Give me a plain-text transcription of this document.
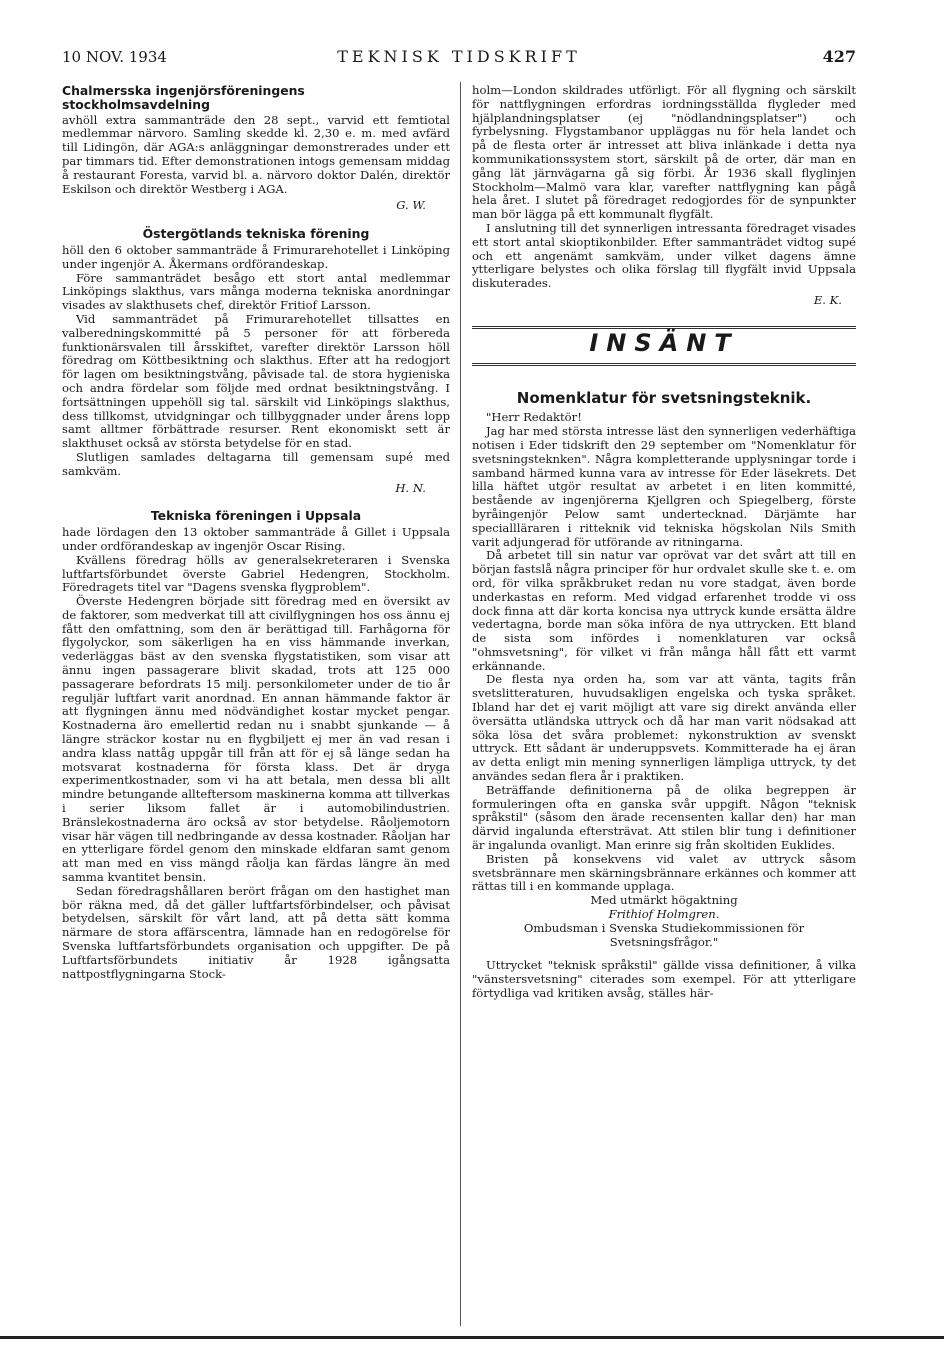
10 NOV. 1934	TEKNISK TIDSKRIFT	427

Chalmersska ingenjörsföreningens stockholmsavdelning

avhöll extra sammanträde den 28 sept., varvid ett femtiotal medlemmar närvoro. Samling skedde kl. 2,30 e. m. med avfärd till Lidingön, där AGA:s anläggningar demonstrerades under ett par timmars tid. Efter demonstrationen intogs gemensam middag å restaurant Foresta, varvid bl. a. närvoro doktor Dalén, direktör Eskilson och direktör Westberg i AGA.

G. W.

Östergötlands tekniska förening

höll den 6 oktober sammanträde å Frimurarehotellet i Linköping under ingenjör A. Åkermans ordförandeskap.

Före sammanträdet besågo ett stort antal medlemmar Linköpings slakthus, vars många moderna tekniska anordningar visades av slakthusets chef, direktör Fritiof Larsson.

Vid sammanträdet på Frimurarehotellet tillsattes en valberedningskommitté på 5 personer för att förbereda funktionärsvalen till årsskiftet, varefter direktör Larsson höll föredrag om Köttbesiktning och slakthus. Efter att ha redogjort för lagen om besiktningstvång, påvisade tal. de stora hygieniska och andra fördelar som följde med ordnat besiktningstvång. I fortsättningen uppehöll sig tal. särskilt vid Linköpings slakthus, dess tillkomst, utvidgningar och tillbyggnader under årens lopp samt alltmer förbättrade resurser. Rent ekonomiskt sett är slakthuset också av största betydelse för en stad.

Slutligen samlades deltagarna till gemensam supé med samkväm.

H. N.

Tekniska föreningen i Uppsala

hade lördagen den 13 oktober sammanträde å Gillet i Uppsala under ordförandeskap av ingenjör Oscar Rising.

Kvällens föredrag hölls av generalsekreteraren i Svenska luftfartsförbundet överste Gabriel Hedengren, Stockholm. Föredragets titel var "Dagens svenska flygproblem".

Överste Hedengren började sitt föredrag med en översikt av de faktorer, som medverkat till att civilflygningen hos oss ännu ej fått den omfattning, som den är berättigad till. Farhågorna för flygolyckor, som säkerligen ha en viss hämmande inverkan, vederläggas bäst av den svenska flygstatistiken, som visar att ännu ingen passagerare blivit skadad, trots att 125 000 passagerare befordrats 15 milj. personkilometer under de tio år reguljär luftfart varit anordnad. En annan hämmande faktor är att flygningen ännu med nödvändighet kostar mycket pengar. Kostnaderna äro emellertid redan nu i snabbt sjunkande — å längre sträckor kostar nu en flygbiljett ej mer än vad resan i andra klass nattåg uppgår till från att för ej så länge sedan ha motsvarat kostnaderna för första klass. Det är dryga experimentkostnader, som vi ha att betala, men dessa bli allt mindre betungande allteftersom maskinerna komma att tillverkas i serier liksom fallet är i automobilindustrien. Bränslekostnaderna äro också av stor betydelse. Råoljemotorn visar här vägen till nedbringande av dessa kostnader. Råoljan har en ytterligare fördel genom den minskade eldfaran samt genom att man med en viss mängd råolja kan färdas längre än med samma kvantitet bensin.

Sedan föredragshållaren berört frågan om den hastighet man bör räkna med, då det gäller luftfartsförbindelser, och påvisat betydelsen, särskilt för vårt land, att på detta sätt komma närmare de stora affärscentra, lämnade han en redogörelse för Svenska luftfartsförbundets organisation och uppgifter. De på Luftfartsförbundets initiativ år 1928 igångsatta nattpostflygningarna Stock-

holm—London skildrades utförligt. För all flygning och särskilt för nattflygningen erfordras iordningsställda flygleder med hjälplandningsplatser (ej "nödlandningsplatser") och fyrbelysning. Flygstambanor uppläggas nu för hela landet och på de flesta orter är intresset att bliva inlänkade i detta nya kommunikationssystem stort, särskilt på de orter, där man en gång lät järnvägarna gå sig förbi. År 1936 skall flyglinjen Stockholm—Malmö vara klar, varefter nattflygning kan pågå hela året. I slutet på föredraget redogjordes för de synpunkter man bör lägga på ett kommunalt flygfält.

I anslutning till det synnerligen intressanta föredraget visades ett stort antal skioptikonbilder. Efter sammanträdet vidtog supé och ett angenämt samkväm, under vilket dagens ämne ytterligare belystes och olika förslag till flygfält invid Uppsala diskuterades.

E. K.

INSÄNT

Nomenklatur för svetsningsteknik.

"Herr Redaktör!

Jag har med största intresse läst den synnerligen vederhäftiga notisen i Eder tidskrift den 29 september om "Nomenklatur för svetsningsteknken". Några kompletterande upplysningar torde i samband härmed kunna vara av intresse för Eder läsekrets. Det lilla häftet utgör resultat av arbetet i en liten kommitté, bestående av ingenjörerna Kjellgren och Spiegelberg, förste byråingenjör Pelow samt undertecknad. Därjämte har speciallläraren i ritteknik vid tekniska högskolan Nils Smith varit adjungerad för utförande av ritningarna.

Då arbetet till sin natur var oprövat var det svårt att till en början fastslå några principer för hur ordvalet skulle ske t. e. om ord, för vilka språkbruket redan nu vore stadgat, även borde underkastas en reform. Med vidgad erfarenhet trodde vi oss dock finna att där korta koncisa nya uttryck kunde ersätta äldre vedertagna, borde man söka införa de nya uttrycken. Ett bland de sista som infördes i nomenklaturen var också "ohmsvetsning", för vilket vi från många håll fått ett varmt erkännande.

De flesta nya orden ha, som var att vänta, tagits från svetslitteraturen, huvudsakligen engelska och tyska språket. Ibland har det ej varit möjligt att vare sig direkt använda eller översätta utländska uttryck och då har man varit nödsakad att söka lösa det svåra problemet: nykonstruktion av svenskt uttryck. Ett sådant är underuppsvets. Kommitterade ha ej äran av detta enligt min mening synnerligen lämpliga uttryck, ty det användes sedan flera år i praktiken.

Beträffande definitionerna på de olika begreppen är formuleringen ofta en ganska svår uppgift. Någon "teknisk språkstil" (såsom den ärade recensenten kallar den) har man därvid ingalunda eftersträvat. Att stilen blir tung i definitioner är ingalunda ovanligt. Man erinre sig från skoltiden Euklides.

Bristen på konsekvens vid valet av uttryck såsom svetsbrännare men skärningsbrännare erkännes och kommer att rättas till i en kommande upplaga.

Med utmärkt högaktning

Frithiof Holmgren.

Ombudsman i Svenska Studiekommissionen för Svetsningsfrågor."

Uttrycket "teknisk språkstil" gällde vissa definitioner, å vilka "vänstersvetsning" citerades som exempel. För att ytterligare förtydliga vad kritiken avsåg, ställes här-
